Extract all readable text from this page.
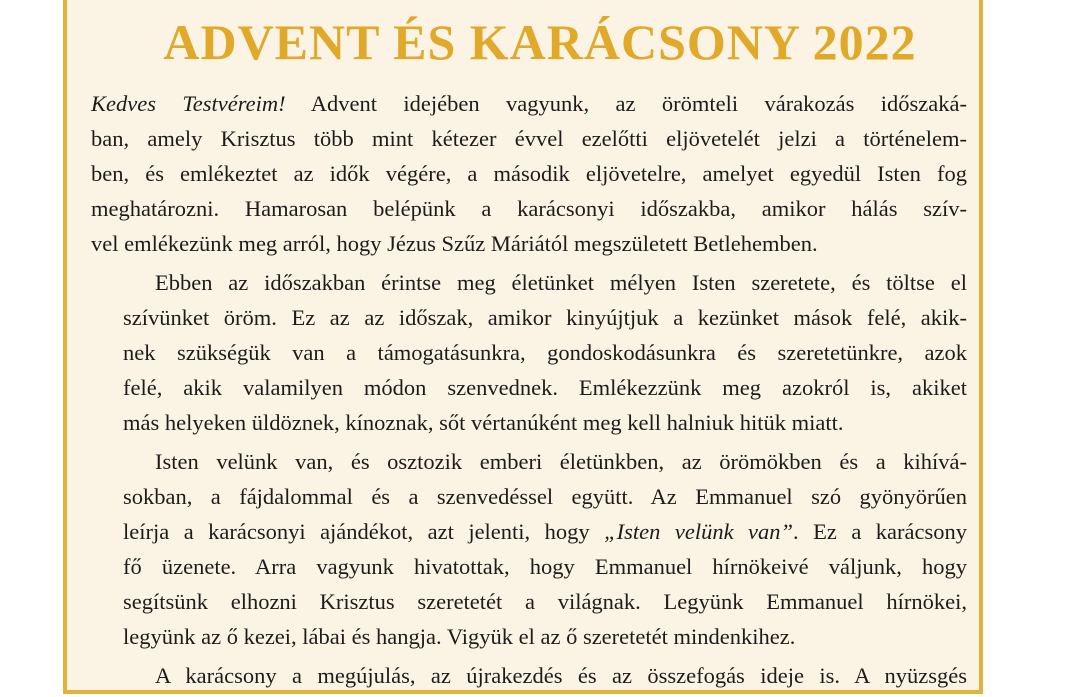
ADVENT ÉS KARÁCSONY 2022
Kedves Testvéreim! Advent idejében vagyunk, az örömteli várakozás időszaká-
ban, amely Krisztus több mint kétezer évvel ezelőtti eljövetelét jelzi a történelem-
ben, és emlékeztet az idők végére, a második eljövetelre, amelyet egyedül Isten fog
meghatározni. Hamarosan belépünk a karácsonyi időszakba, amikor hálás szív-
vel emlékezünk meg arról, hogy Jézus Szűz Máriától megszületett Betlehemben.
Ebben az időszakban érintse meg életünket mélyen Isten szeretete, és töltse el
szívünket öröm. Ez az az időszak, amikor kinyújtjuk a kezünket mások felé, akik-
nek szükségük van a támogatásunkra, gondoskodásunkra és szeretetünkre, azok
felé, akik valamilyen módon szenvednek. Emlékezzünk meg azokról is, akiket
más helyeken üldöznek, kínoznak, sőt vértanúként meg kell halniuk hitük miatt.
Isten velünk van, és osztozik emberi életünkben, az örömökben és a kihívá-
sokban, a fájdalommal és a szenvedéssel együtt. Az Emmanuel szó gyönyörűen
leírja a karácsonyi ajándékot, azt jelenti, hogy „Isten velünk van”. Ez a karácsony
fő üzenete. Arra vagyunk hivatottak, hogy Emmanuel hírnökeivé váljunk, hogy
segítsünk elhozni Krisztus szeretetét a világnak. Legyünk Emmanuel hírnökei,
legyünk az ő kezei, lábai és hangja. Vigyük el az ő szeretetét mindenkihez.
A karácsony a megújulás, az újrakezdés és az összefogás ideje is. A nyüzsgés
